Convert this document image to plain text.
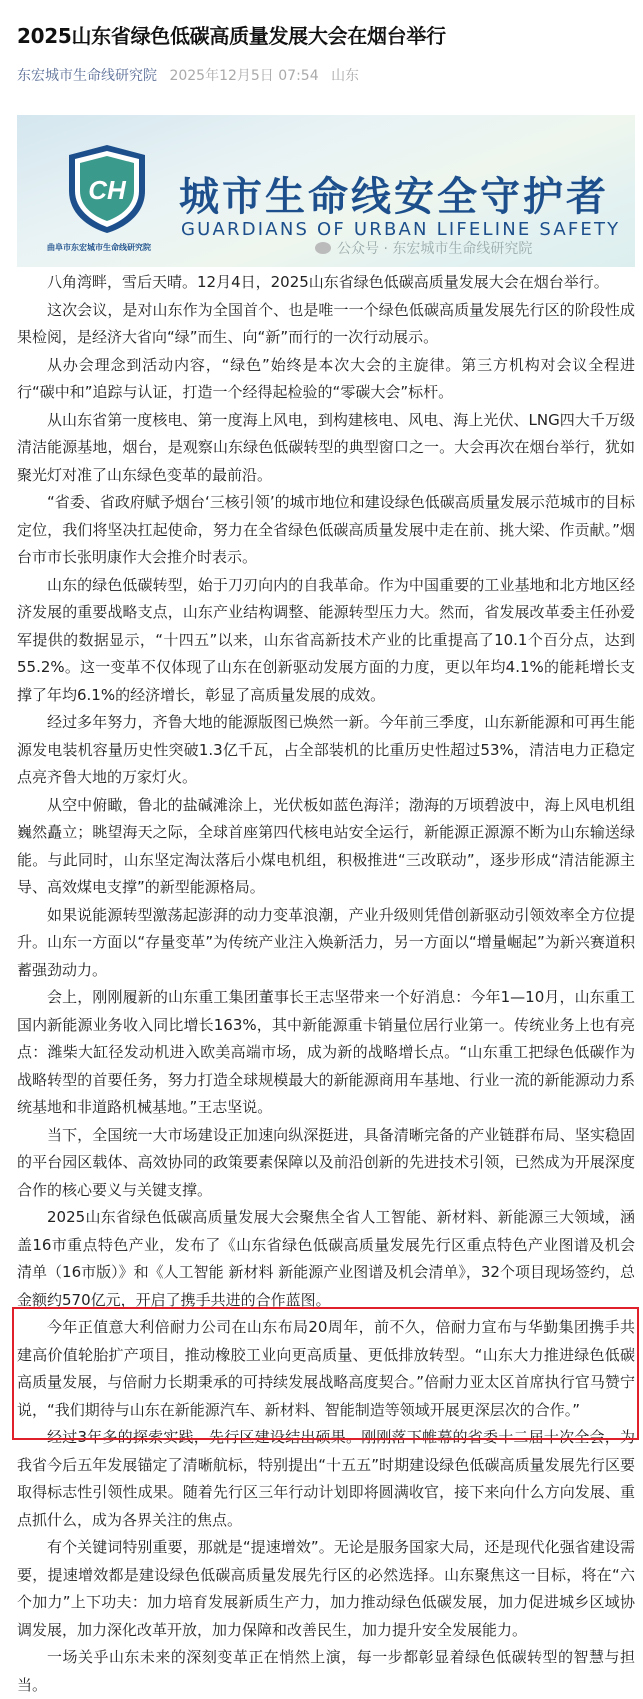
2025山东省绿色低碳高质量发展大会在烟台举行
东宏城市生命线研究院 2025年12月5日 07:54 山东
CH
曲阜市东宏城市生命线研究院
城市生命线安全守护者
GUARDIANS OF URBAN LIFELINE SAFETY
公众号 · 东宏城市生命线研究院

八角湾畔，雪后天晴。12月4日，2025山东省绿色低碳高质量发展大会在烟台举行。

这次会议，是对山东作为全国首个、也是唯一一个绿色低碳高质量发展先行区的阶段性成果检阅，是经济大省向“绿”而生、向“新”而行的一次行动展示。

从办会理念到活动内容，“绿色”始终是本次大会的主旋律。第三方机构对会议全程进行“碳中和”追踪与认证，打造一个经得起检验的“零碳大会”标杆。

从山东省第一度核电、第一度海上风电，到构建核电、风电、海上光伏、LNG四大千万级清洁能源基地，烟台，是观察山东绿色低碳转型的典型窗口之一。大会再次在烟台举行，犹如聚光灯对准了山东绿色变革的最前沿。

“省委、省政府赋予烟台‘三核引领’的城市地位和建设绿色低碳高质量发展示范城市的目标定位，我们将坚决扛起使命，努力在全省绿色低碳高质量发展中走在前、挑大梁、作贡献。”烟台市市长张明康作大会推介时表示。

山东的绿色低碳转型，始于刀刃向内的自我革命。作为中国重要的工业基地和北方地区经济发展的重要战略支点，山东产业结构调整、能源转型压力大。然而，省发展改革委主任孙爱军提供的数据显示，“十四五”以来，山东省高新技术产业的比重提高了10.1个百分点，达到55.2%。这一变革不仅体现了山东在创新驱动发展方面的力度，更以年均4.1%的能耗增长支撑了年均6.1%的经济增长，彰显了高质量发展的成效。

经过多年努力，齐鲁大地的能源版图已焕然一新。今年前三季度，山东新能源和可再生能源发电装机容量历史性突破1.3亿千瓦，占全部装机的比重历史性超过53%，清洁电力正稳定点亮齐鲁大地的万家灯火。

从空中俯瞰，鲁北的盐碱滩涂上，光伏板如蓝色海洋；渤海的万顷碧波中，海上风电机组巍然矗立；眺望海天之际，全球首座第四代核电站安全运行，新能源正源源不断为山东输送绿能。与此同时，山东坚定淘汰落后小煤电机组，积极推进“三改联动”，逐步形成“清洁能源主导、高效煤电支撑”的新型能源格局。

如果说能源转型激荡起澎湃的动力变革浪潮，产业升级则凭借创新驱动引领效率全方位提升。山东一方面以“存量变革”为传统产业注入焕新活力，另一方面以“增量崛起”为新兴赛道积蓄强劲动力。

会上，刚刚履新的山东重工集团董事长王志坚带来一个好消息：今年1—10月，山东重工国内新能源业务收入同比增长163%，其中新能源重卡销量位居行业第一。传统业务上也有亮点：潍柴大缸径发动机进入欧美高端市场，成为新的战略增长点。“山东重工把绿色低碳作为战略转型的首要任务，努力打造全球规模最大的新能源商用车基地、行业一流的新能源动力系统基地和非道路机械基地。”王志坚说。

当下，全国统一大市场建设正加速向纵深挺进，具备清晰完备的产业链群布局、坚实稳固的平台园区载体、高效协同的政策要素保障以及前沿创新的先进技术引领，已然成为开展深度合作的核心要义与关键支撑。

2025山东省绿色低碳高质量发展大会聚焦全省人工智能、新材料、新能源三大领域，涵盖16市重点特色产业，发布了《山东省绿色低碳高质量发展先行区重点特色产业图谱及机会清单（16市版）》和《人工智能 新材料 新能源产业图谱及机会清单》，32个项目现场签约，总金额约570亿元，开启了携手共进的合作蓝图。

今年正值意大利倍耐力公司在山东布局20周年，前不久，倍耐力宣布与华勤集团携手共建高价值轮胎扩产项目，推动橡胶工业向更高质量、更低排放转型。“山东大力推进绿色低碳高质量发展，与倍耐力长期秉承的可持续发展战略高度契合。”倍耐力亚太区首席执行官马赞宁说，“我们期待与山东在新能源汽车、新材料、智能制造等领域开展更深层次的合作。”

经过3年多的探索实践，先行区建设结出硕果。刚刚落下帷幕的省委十二届十次全会，为我省今后五年发展锚定了清晰航标，特别提出“十五五”时期建设绿色低碳高质量发展先行区要取得标志性引领性成果。随着先行区三年行动计划即将圆满收官，接下来向什么方向发展、重点抓什么，成为各界关注的焦点。

有个关键词特别重要，那就是“提速增效”。无论是服务国家大局，还是现代化强省建设需要，提速增效都是建设绿色低碳高质量发展先行区的必然选择。山东聚焦这一目标，将在“六个加力”上下功夫：加力培育发展新质生产力，加力推动绿色低碳发展，加力促进城乡区域协调发展，加力深化改革开放，加力保障和改善民生，加力提升安全发展能力。

一场关乎山东未来的深刻变革正在悄然上演，每一步都彰显着绿色低碳转型的智慧与担当。
